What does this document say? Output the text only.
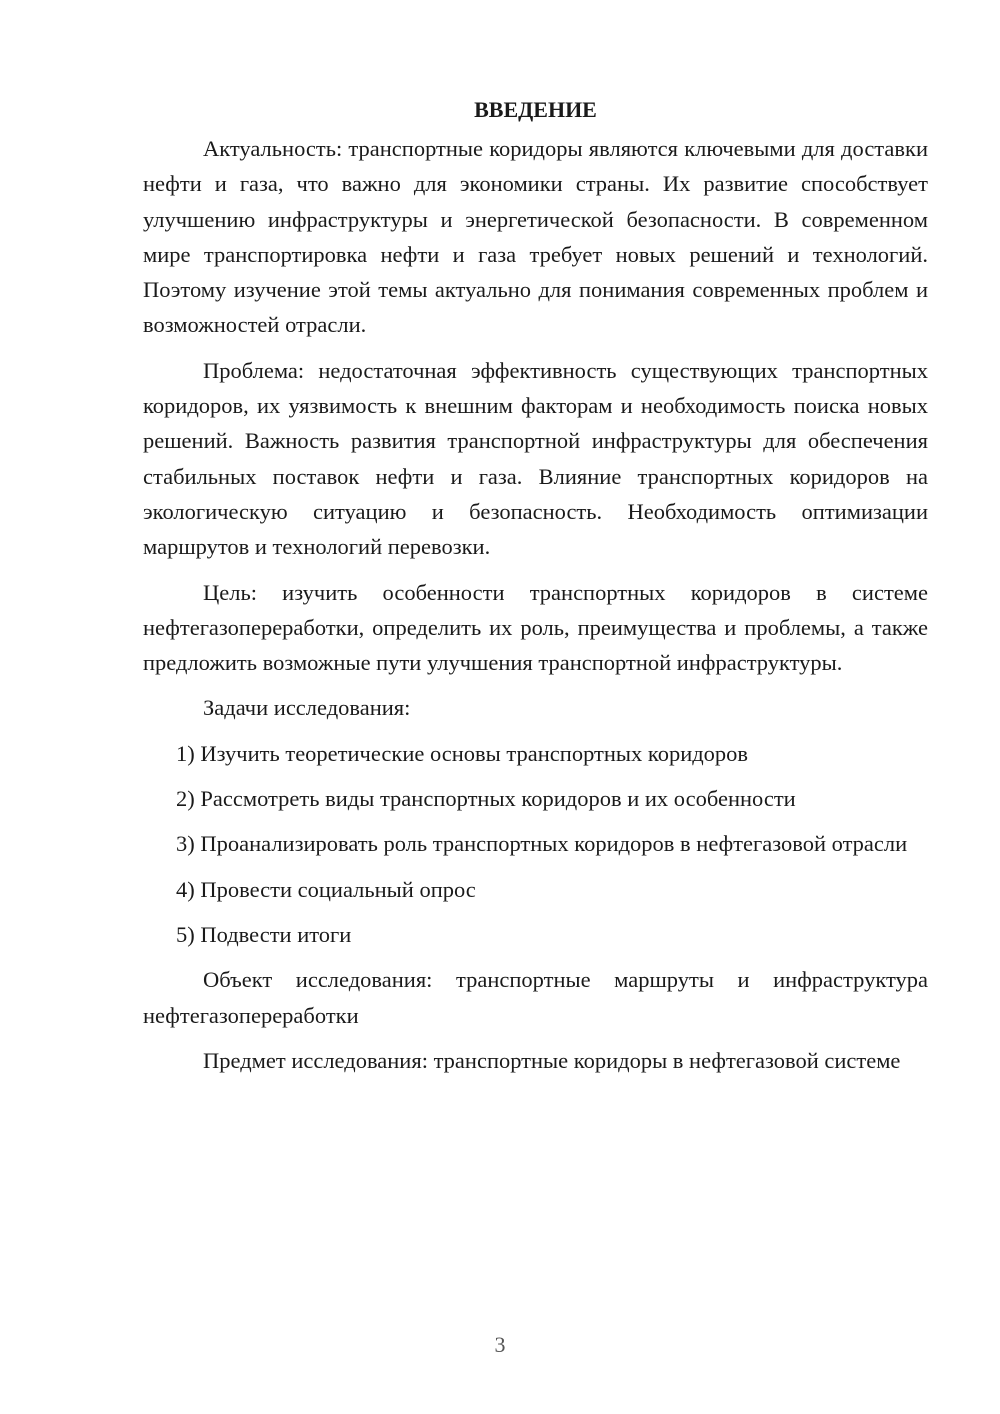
ВВЕДЕНИЕ

Актуальность: транспортные коридоры являются ключевыми для доставки нефти и газа, что важно для экономики страны. Их развитие способствует улучшению инфраструктуры и энергетической безопасности. В современном мире транспортировка нефти и газа требует новых решений и технологий. Поэтому изучение этой темы актуально для понимания современных проблем и возможностей отрасли.

Проблема: недостаточная эффективность существующих транспортных коридоров, их уязвимость к внешним факторам и необходимость поиска новых решений. Важность развития транспортной инфраструктуры для обеспечения стабильных поставок нефти и газа. Влияние транспортных коридоров на экологическую ситуацию и безопасность. Необходимость оптимизации маршрутов и технологий перевозки.

Цель: изучить особенности транспортных коридоров в системе нефтегазопереработки, определить их роль, преимущества и проблемы, а также предложить возможные пути улучшения транспортной инфраструктуры.

Задачи исследования:

1) Изучить теоретические основы транспортных коридоров

2) Рассмотреть виды транспортных коридоров и их особенности

3) Проанализировать роль транспортных коридоров в нефтегазовой отрасли

4) Провести социальный опрос

5) Подвести итоги

Объект исследования: транспортные маршруты и инфраструктура нефтегазопереработки

Предмет исследования: транспортные коридоры в нефтегазовой системе

3
